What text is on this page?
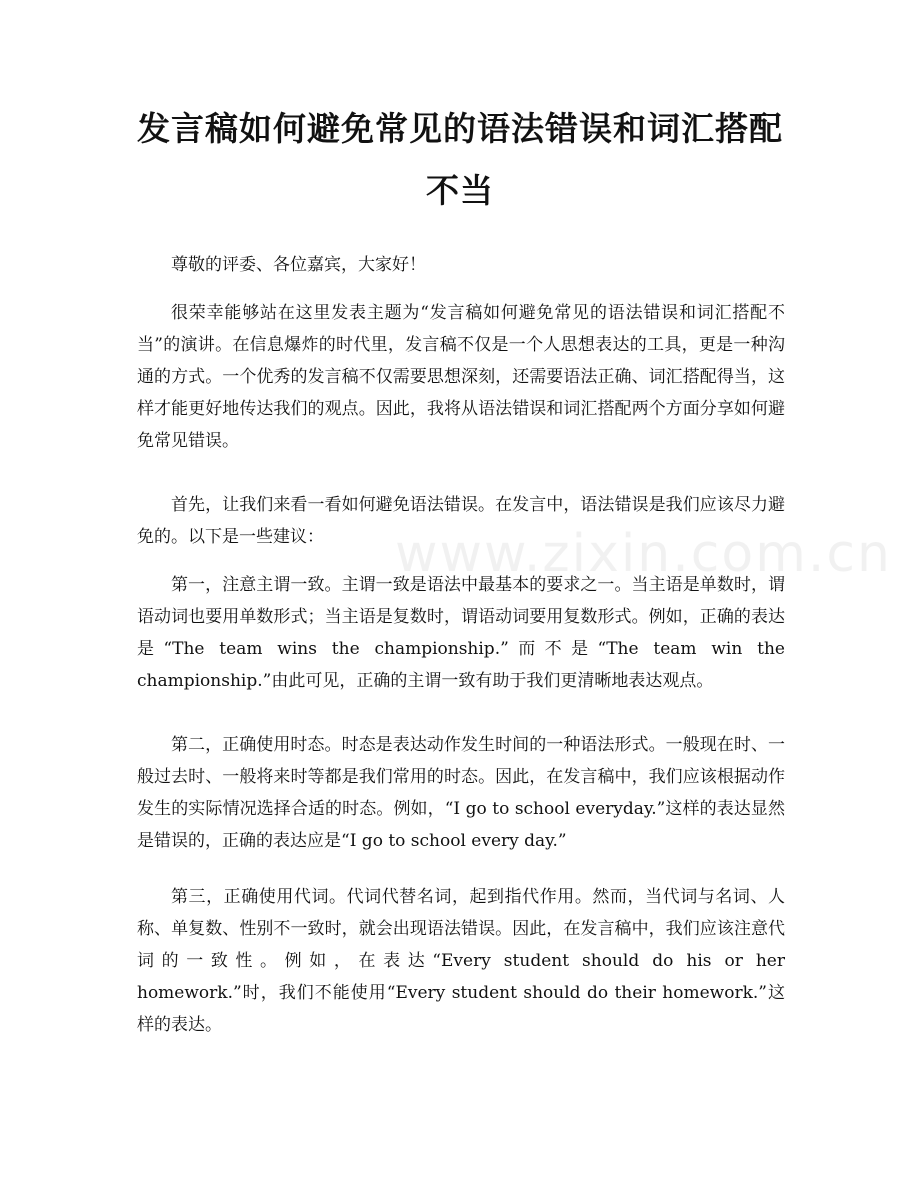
发言稿如何避免常见的语法错误和词汇搭配不当
www.zixin.com.cn

尊敬的评委、各位嘉宾，大家好！

很荣幸能够站在这里发表主题为“发言稿如何避免常见的语法错误和词汇搭配不当”的演讲。在信息爆炸的时代里，发言稿不仅是一个人思想表达的工具，更是一种沟通的方式。一个优秀的发言稿不仅需要思想深刻，还需要语法正确、词汇搭配得当，这样才能更好地传达我们的观点。因此，我将从语法错误和词汇搭配两个方面分享如何避免常见错误。

首先，让我们来看一看如何避免语法错误。在发言中，语法错误是我们应该尽力避免的。以下是一些建议：

第一，注意主谓一致。主谓一致是语法中最基本的要求之一。当主语是单数时，谓语动词也要用单数形式；当主语是复数时，谓语动词要用复数形式。例如，正确的表达是“The team wins the championship.”而不是“The team win the championship.”由此可见，正确的主谓一致有助于我们更清晰地表达观点。

第二，正确使用时态。时态是表达动作发生时间的一种语法形式。一般现在时、一般过去时、一般将来时等都是我们常用的时态。因此，在发言稿中，我们应该根据动作发生的实际情况选择合适的时态。例如，“I go to school everyday.”这样的表达显然是错误的，正确的表达应是“I go to school every day.”

第三，正确使用代词。代词代替名词，起到指代作用。然而，当代词与名词、人称、单复数、性别不一致时，就会出现语法错误。因此，在发言稿中，我们应该注意代词的一致性。例如，在表达“Every student should do his or her homework.”时，我们不能使用“Every student should do their homework.”这样的表达。
